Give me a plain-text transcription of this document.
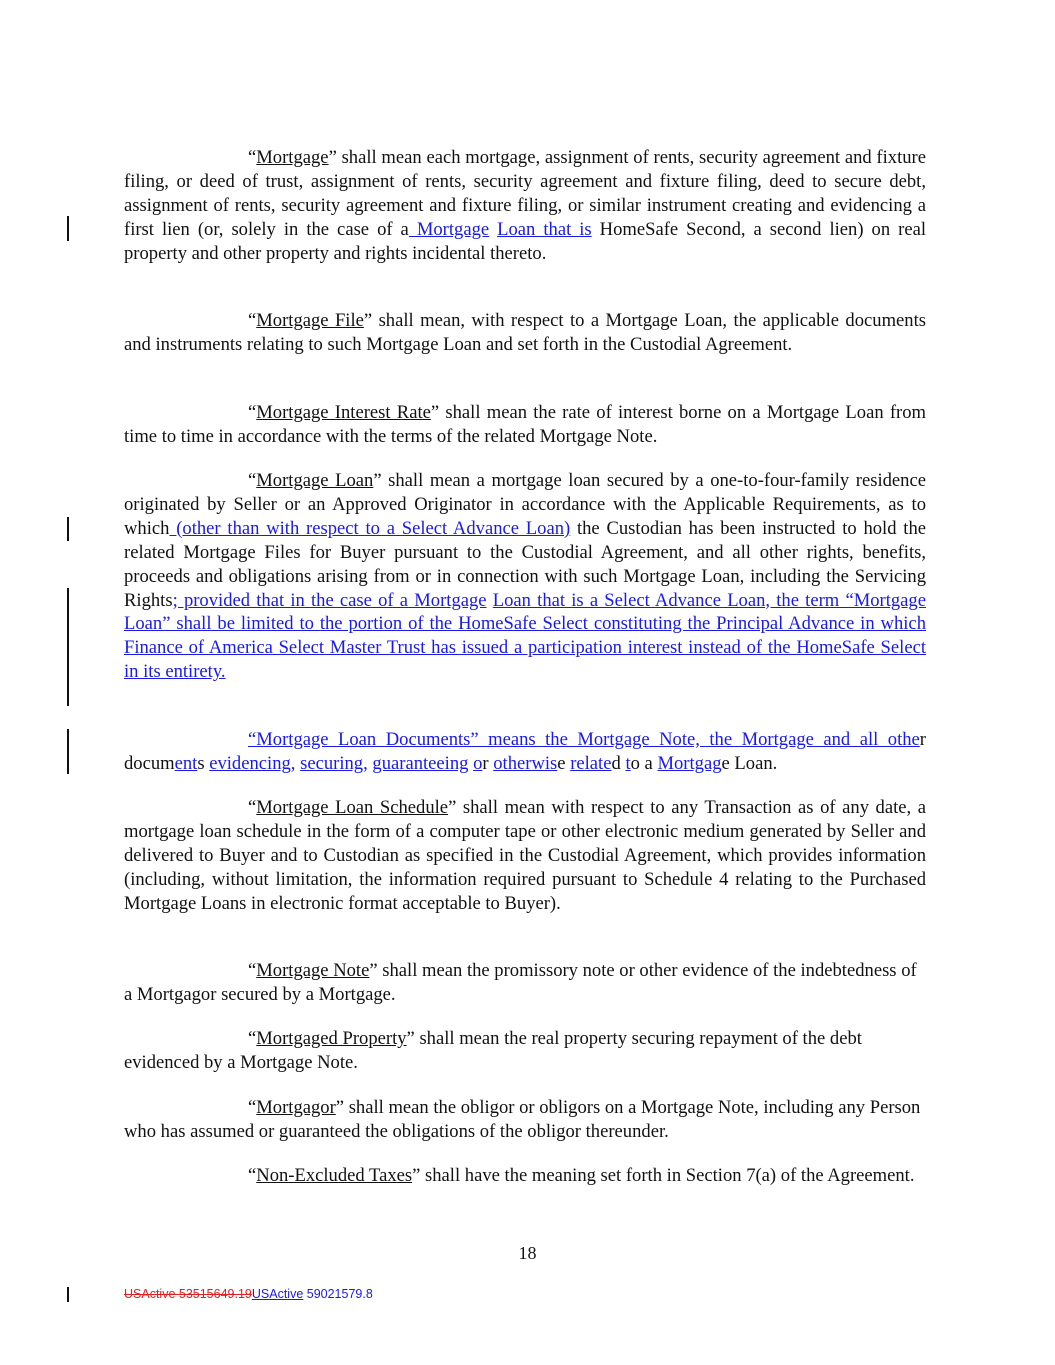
“Mortgage” shall mean each mortgage, assignment of rents, security agreement and fixture filing, or deed of trust, assignment of rents, security agreement and fixture filing, deed to secure debt, assignment of rents, security agreement and fixture filing, or similar instrument creating and evidencing a first lien (or, solely in the case of a Mortgage Loan that is HomeSafe Second, a second lien) on real property and other property and rights incidental thereto.

“Mortgage File” shall mean, with respect to a Mortgage Loan, the applicable documents and instruments relating to such Mortgage Loan and set forth in the Custodial Agreement.

“Mortgage Interest Rate” shall mean the rate of interest borne on a Mortgage Loan from time to time in accordance with the terms of the related Mortgage Note.

“Mortgage Loan” shall mean a mortgage loan secured by a one-to-four-family residence originated by Seller or an Approved Originator in accordance with the Applicable Requirements, as to which (other than with respect to a Select Advance Loan) the Custodian has been instructed to hold the related Mortgage Files for Buyer pursuant to the Custodial Agreement, and all other rights, benefits, proceeds and obligations arising from or in connection with such Mortgage Loan, including the Servicing Rights; provided that in the case of a Mortgage Loan that is a Select Advance Loan, the term “Mortgage Loan” shall be limited to the portion of the HomeSafe Select constituting the Principal Advance in which Finance of America Select Master Trust has issued a participation interest instead of the HomeSafe Select in its entirety.

“Mortgage Loan Documents” means the Mortgage Note, the Mortgage and all other documents evidencing, securing, guaranteeing or otherwise related to a Mortgage Loan.

“Mortgage Loan Schedule” shall mean with respect to any Transaction as of any date, a mortgage loan schedule in the form of a computer tape or other electronic medium generated by Seller and delivered to Buyer and to Custodian as specified in the Custodial Agreement, which provides information (including, without limitation, the information required pursuant to Schedule 4 relating to the Purchased Mortgage Loans in electronic format acceptable to Buyer).

“Mortgage Note” shall mean the promissory note or other evidence of the indebtedness of a Mortgagor secured by a Mortgage.

“Mortgaged Property” shall mean the real property securing repayment of the debt evidenced by a Mortgage Note.

“Mortgagor” shall mean the obligor or obligors on a Mortgage Note, including any Person who has assumed or guaranteed the obligations of the obligor thereunder.

“Non-Excluded Taxes” shall have the meaning set forth in Section 7(a) of the Agreement.

18
USActive 53515649.19USActive 59021579.8
